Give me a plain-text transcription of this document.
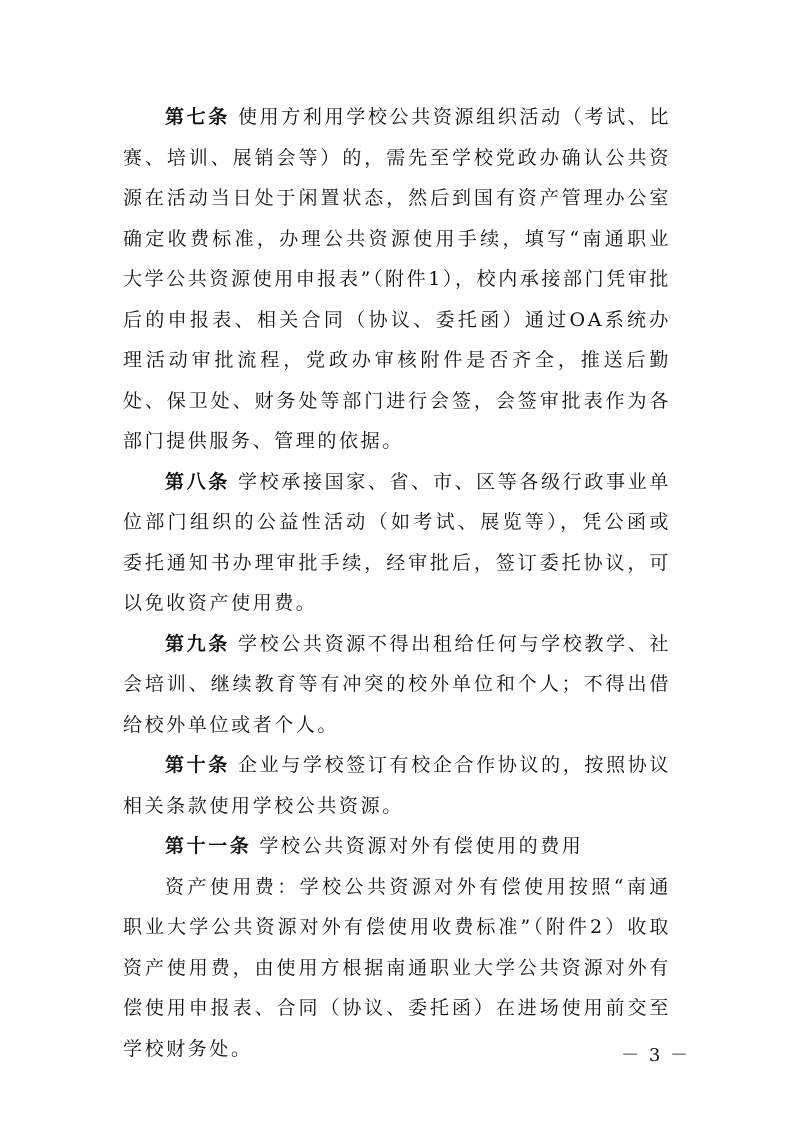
第七条 使用方利用学校公共资源组织活动（考试、比赛、培训、展销会等）的，需先至学校党政办确认公共资源在活动当日处于闲置状态，然后到国有资产管理办公室确定收费标准，办理公共资源使用手续，填写“南通职业大学公共资源使用申报表”（附件1），校内承接部门凭审批后的申报表、相关合同（协议、委托函）通过OA系统办理活动审批流程，党政办审核附件是否齐全，推送后勤处、保卫处、财务处等部门进行会签，会签审批表作为各部门提供服务、管理的依据。

第八条 学校承接国家、省、市、区等各级行政事业单位部门组织的公益性活动（如考试、展览等），凭公函或委托通知书办理审批手续，经审批后，签订委托协议，可以免收资产使用费。

第九条 学校公共资源不得出租给任何与学校教学、社会培训、继续教育等有冲突的校外单位和个人；不得出借给校外单位或者个人。

第十条 企业与学校签订有校企合作协议的，按照协议相关条款使用学校公共资源。

第十一条 学校公共资源对外有偿使用的费用

资产使用费：学校公共资源对外有偿使用按照“南通职业大学公共资源对外有偿使用收费标准”（附件2）收取资产使用费，由使用方根据南通职业大学公共资源对外有偿使用申报表、合同（协议、委托函）在进场使用前交至学校财务处。	－ 3 －
